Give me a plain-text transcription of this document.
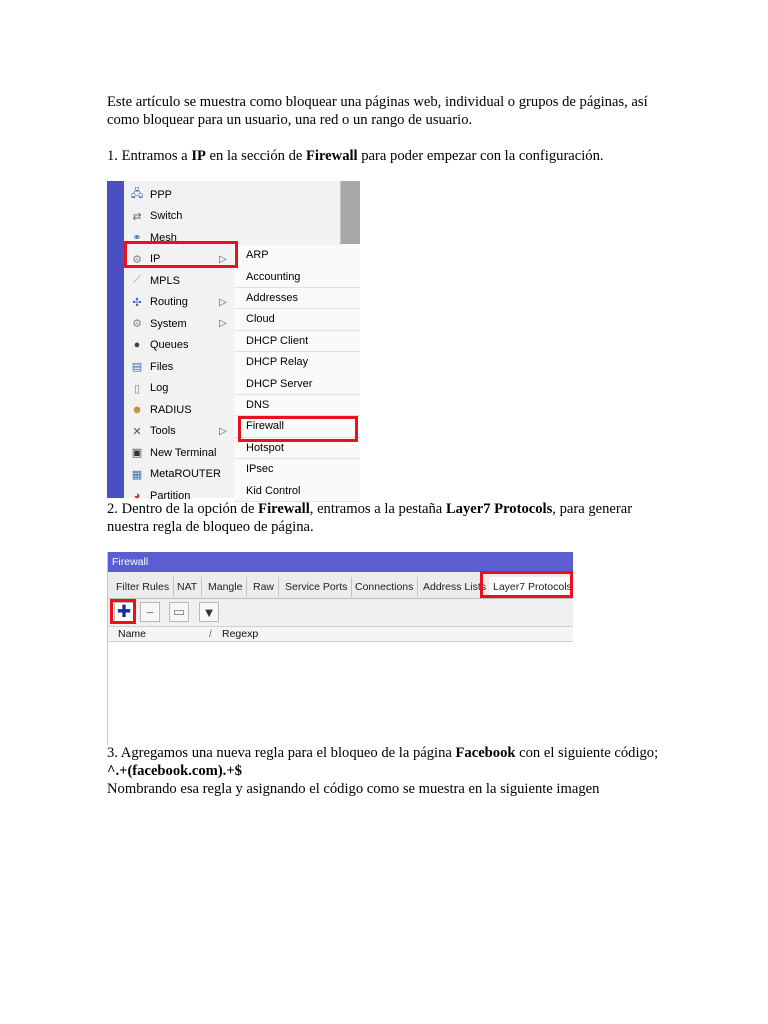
Este artículo se muestra como bloquear una páginas web, individual o grupos de páginas, así como bloquear para un usuario, una red o un rango de usuario.

1. Entramos a IP en la sección de Firewall para poder empezar con la configuración.

🖧 PPP
⇄ Switch
⚭ Mesh
⚙ IP	▷
⟋ MPLS
✣ Routing	▷
⚙ System	▷
● Queues
▤ Files
▯ Log
☻ RADIUS
✕ Tools	▷
▣ New Terminal
▦ MetaROUTER
◕ Partition
ARP
Accounting
Addresses
Cloud
DHCP Client
DHCP Relay
DHCP Server
DNS
Firewall
Hotspot
IPsec
Kid Control

2. Dentro de la opción de Firewall, entramos a la pestaña Layer7 Protocols, para generar nuestra regla de bloqueo de página.

Firewall
Filter Rules NAT	Mangle	Raw	Service Ports Connections Address Lists Layer7 Protocols
✚	−	▭ ▼
Name	/ Regexp

3. Agregamos una nueva regla para el bloqueo de la página Facebook con el siguiente código; ^.+(facebook.com).+$

Nombrando esa regla y asignando el código como se muestra en la siguiente imagen
